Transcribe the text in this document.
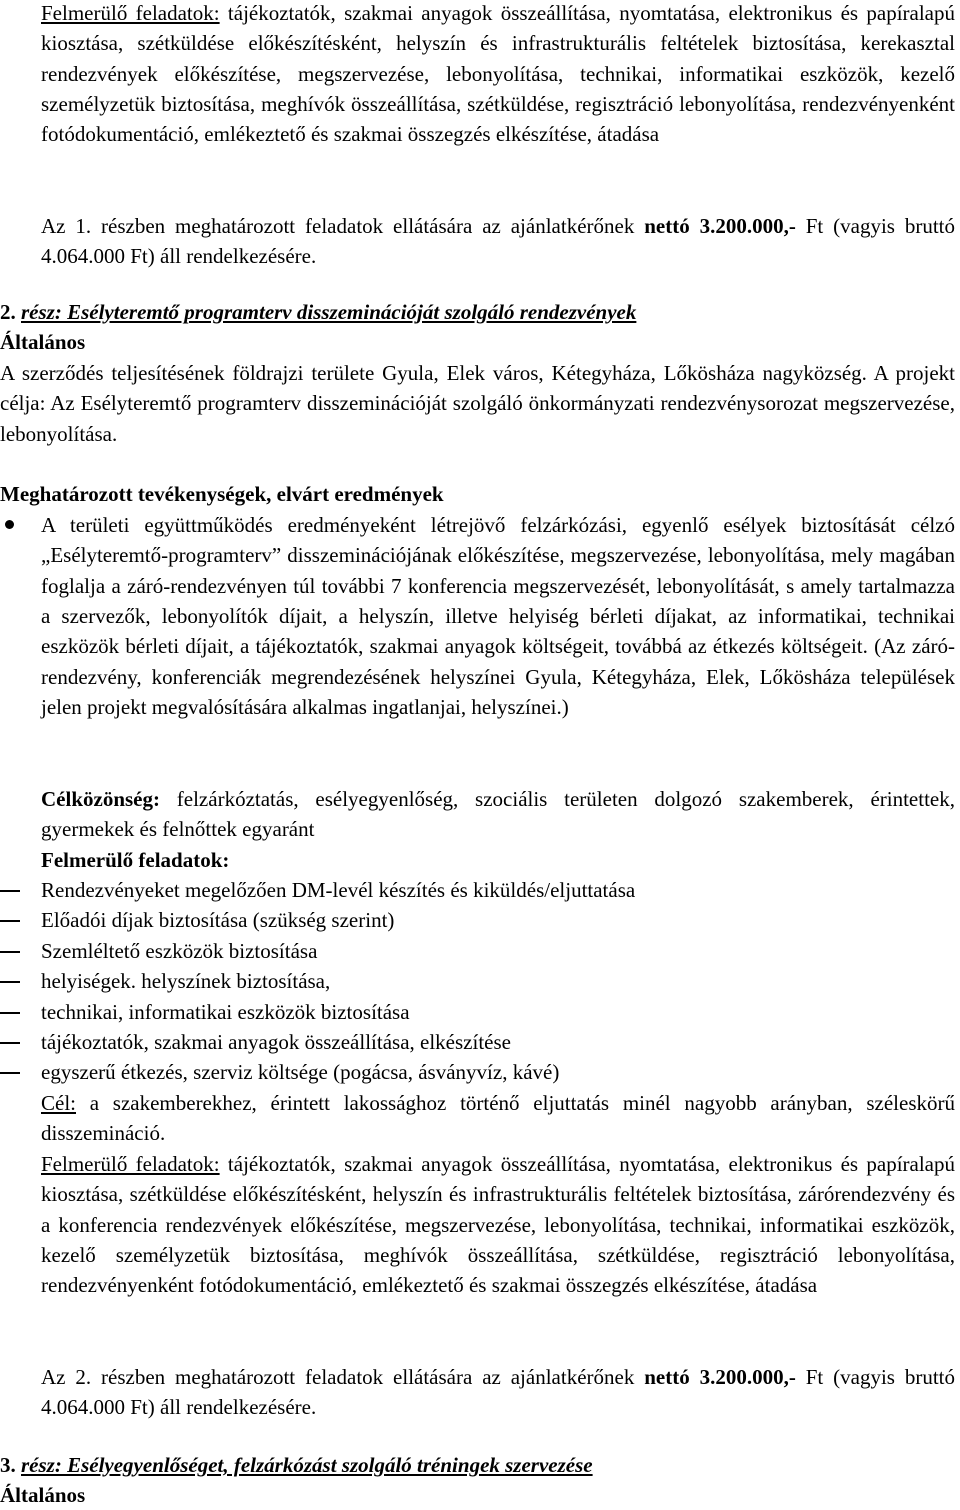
Felmerülő feladatok: tájékoztatók, szakmai anyagok összeállítása, nyomtatása, elektronikus és papíralapú kiosztása, szétküldése előkészítésként, helyszín és infrastrukturális feltételek biztosítása, kerekasztal rendezvények előkészítése, megszervezése, lebonyolítása, technikai, informatikai eszközök, kezelő személyzetük biztosítása, meghívók összeállítása, szétküldése, regisztráció lebonyolítása, rendezvényenként fotódokumentáció, emlékeztető és szakmai összegzés elkészítése, átadása
Az 1. részben meghatározott feladatok ellátására az ajánlatkérőnek nettó 3.200.000,- Ft (vagyis bruttó 4.064.000 Ft) áll rendelkezésére.
2. rész: Esélyteremtő programterv disszeminációját szolgáló rendezvények
Általános
A szerződés teljesítésének földrajzi területe Gyula, Elek város, Kétegyháza, Lőkösháza nagyközség. A projekt célja: Az Esélyteremtő programterv disszeminációját szolgáló önkormányzati rendezvénysorozat megszervezése, lebonyolítása.
Meghatározott tevékenységek, elvárt eredmények
A területi együttműködés eredményeként létrejövő felzárkózási, egyenlő esélyek biztosítását célzó „Esélyteremtő-programterv” disszeminációjának előkészítése, megszervezése, lebonyolítása, mely magában foglalja a záró-rendezvényen túl további 7 konferencia megszervezését, lebonyolítását, s amely tartalmazza a szervezők, lebonyolítók díjait, a helyszín, illetve helyiség bérleti díjakat, az informatikai, technikai eszközök bérleti díjait, a tájékoztatók, szakmai anyagok költségeit, továbbá az étkezés költségeit. (Az záró-rendezvény, konferenciák megrendezésének helyszínei Gyula, Kétegyháza, Elek, Lőkösháza települések jelen projekt megvalósítására alkalmas ingatlanjai, helyszínei.)
Célközönség: felzárkóztatás, esélyegyenlőség, szociális területen dolgozó szakemberek, érintettek, gyermekek és felnőttek egyaránt
Felmerülő feladatok:
Rendezvényeket megelőzően DM-levél készítés és kiküldés/eljuttatása
Előadói díjak biztosítása (szükség szerint)
Szemléltető eszközök biztosítása
helyiségek. helyszínek biztosítása,
technikai, informatikai eszközök biztosítása
tájékoztatók, szakmai anyagok összeállítása, elkészítése
egyszerű étkezés, szerviz költsége (pogácsa, ásványvíz, kávé)
Cél: a szakemberekhez, érintett lakossághoz történő eljuttatás minél nagyobb arányban, széleskörű disszemináció.
Felmerülő feladatok: tájékoztatók, szakmai anyagok összeállítása, nyomtatása, elektronikus és papíralapú kiosztása, szétküldése előkészítésként, helyszín és infrastrukturális feltételek biztosítása, zárórendezvény és a konferencia rendezvények előkészítése, megszervezése, lebonyolítása, technikai, informatikai eszközök, kezelő személyzetük biztosítása, meghívók összeállítása, szétküldése, regisztráció lebonyolítása, rendezvényenként fotódokumentáció, emlékeztető és szakmai összegzés elkészítése, átadása
Az 2. részben meghatározott feladatok ellátására az ajánlatkérőnek nettó 3.200.000,- Ft (vagyis bruttó 4.064.000 Ft) áll rendelkezésére.
3. rész: Esélyegyenlőséget, felzárkózást szolgáló tréningek szervezése
Általános
